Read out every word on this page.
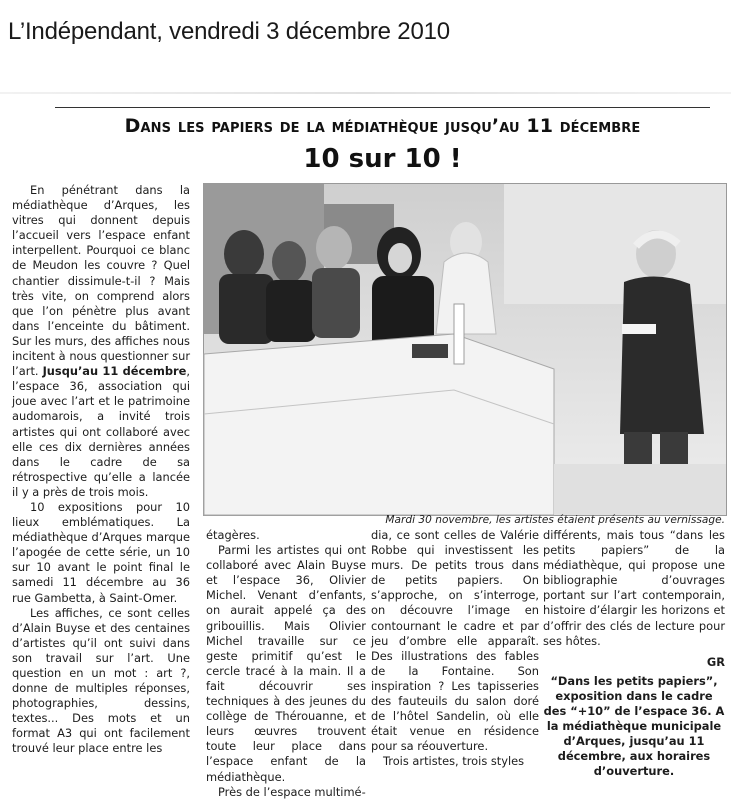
L’Indépendant, vendredi 3 décembre 2010
Dans les papiers de la médiathèque jusqu’au 11 décembre
10 sur 10 !

En pénétrant dans la médiathèque d’Arques, les vitres qui donnent depuis l’accueil vers l’espace enfant interpellent. Pourquoi ce blanc de Meudon les couvre ? Quel chantier dissimule-t-il ? Mais très vite, on comprend alors que l’on pénètre plus avant dans l’enceinte du bâtiment. Sur les murs, des affiches nous incitent à nous questionner sur l’art. Jusqu’au 11 décembre, l’espace 36, association qui joue avec l’art et le patrimoine audomarois, a invité trois artistes qui ont collaboré avec elle ces dix dernières années dans le cadre de sa rétrospective qu’elle a lancée il y a près de trois mois.

10 expositions pour 10 lieux emblématiques. La médiathèque d’Arques marque l’apogée de cette série, un 10 sur 10 avant le point final le samedi 11 décembre au 36 rue Gambetta, à Saint-Omer.

Les affiches, ce sont celles d’Alain Buyse et des centaines d’artistes qu’il ont suivi dans son travail sur l’art. Une question en un mot : art ?, donne de multiples réponses, photographies, dessins, textes... Des mots et un format A3 qui ont facilement trouvé leur place entre les

Mardi 30 novembre, les artistes étaient présents au vernissage.

étagères.

Parmi les artistes qui ont collaboré avec Alain Buyse et l’espace 36, Olivier Michel. Venant d’enfants, on aurait appelé ça des gribouillis. Mais Olivier Michel travaille sur ce geste primitif qu’est le cercle tracé à la main. Il a fait découvrir ses techniques à des jeunes du collège de Thérouanne, et leurs œuvres trouvent toute leur place dans l’espace enfant de la médiathèque.

Près de l’espace multimé-

dia, ce sont celles de Valérie Robbe qui investissent les murs. De petits trous dans de petits papiers. On s’approche, on s’interroge, on découvre l’image en contournant le cadre et par jeu d’ombre elle apparaît. Des illustrations des fables de la Fontaine. Son inspiration ? Les tapisseries des fauteuils du salon doré de l’hôtel Sandelin, où elle était venue en résidence pour sa réouverture.

Trois artistes, trois styles

différents, mais tous “dans les petits papiers” de la médiathèque, qui propose une bibliographie d’ouvrages portant sur l’art contemporain, histoire d’élargir les horizons et d’offrir des clés de lecture pour ses hôtes.

GR

“Dans les petits papiers”, exposition dans le cadre des “+10” de l’espace 36. A la médiathèque municipale d’Arques, jusqu’au 11 décembre, aux horaires d’ouverture.
